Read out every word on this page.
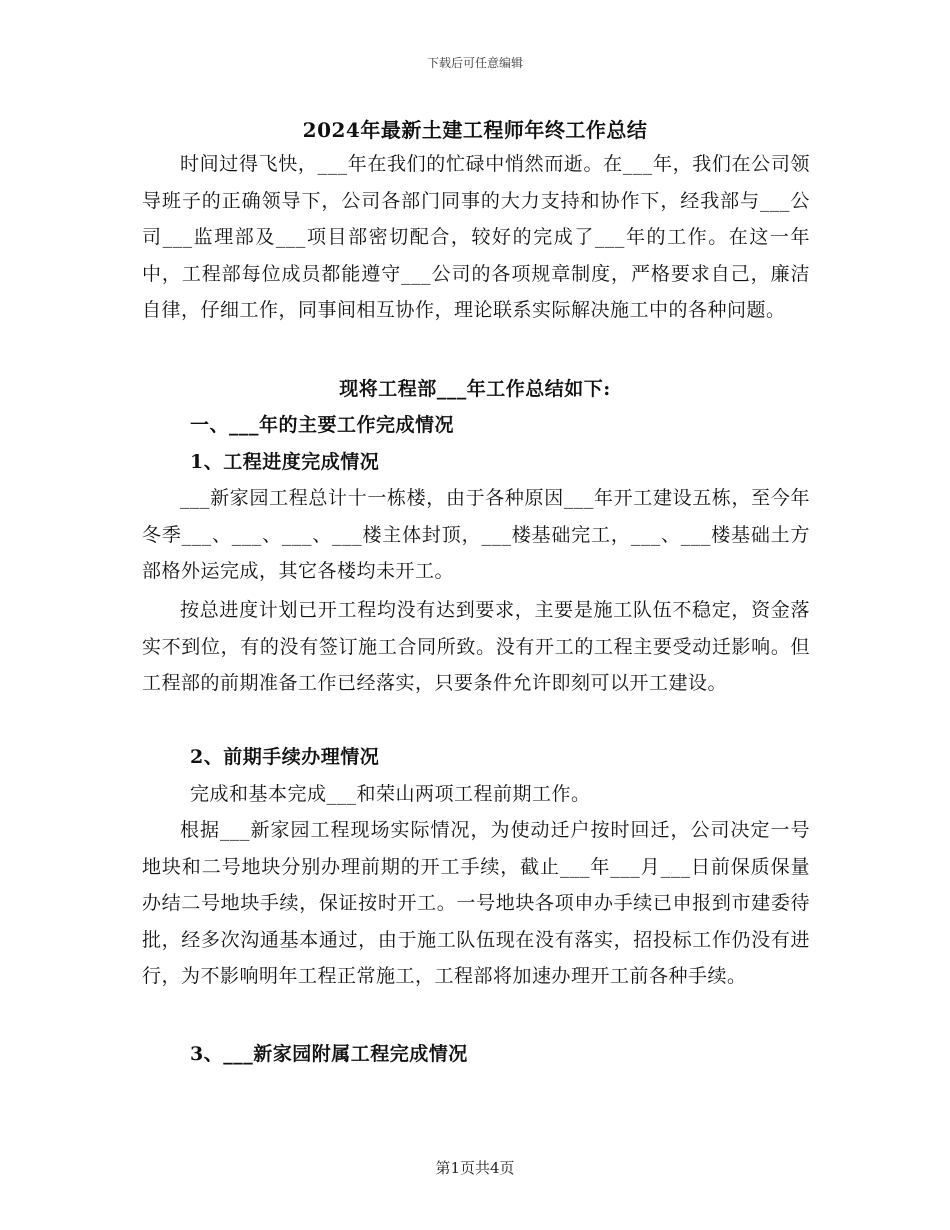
下载后可任意编辑
2024年最新土建工程师年终工作总结

时间过得飞快，___年在我们的忙碌中悄然而逝。在___年，我们在公司领导班子的正确领导下，公司各部门同事的大力支持和协作下，经我部与___公司___监理部及___项目部密切配合，较好的完成了___年的工作。在这一年中，工程部每位成员都能遵守___公司的各项规章制度，严格要求自己，廉洁自律，仔细工作，同事间相互协作，理论联系实际解决施工中的各种问题。

现将工程部___年工作总结如下:
一、___年的主要工作完成情况
1、工程进度完成情况

___新家园工程总计十一栋楼，由于各种原因___年开工建设五栋，至今年冬季___、___、___、___楼主体封顶，___楼基础完工，___、___楼基础土方部格外运完成，其它各楼均未开工。

按总进度计划已开工程均没有达到要求，主要是施工队伍不稳定，资金落实不到位，有的没有签订施工合同所致。没有开工的工程主要受动迁影响。但工程部的前期准备工作已经落实，只要条件允许即刻可以开工建设。

2、前期手续办理情况

完成和基本完成___和荣山两项工程前期工作。

根据___新家园工程现场实际情况，为使动迁户按时回迁，公司决定一号地块和二号地块分别办理前期的开工手续，截止___年___月___日前保质保量办结二号地块手续，保证按时开工。一号地块各项申办手续已申报到市建委待批，经多次沟通基本通过，由于施工队伍现在没有落实，招投标工作仍没有进行，为不影响明年工程正常施工，工程部将加速办理开工前各种手续。

3、___新家园附属工程完成情况
第1页共4页
